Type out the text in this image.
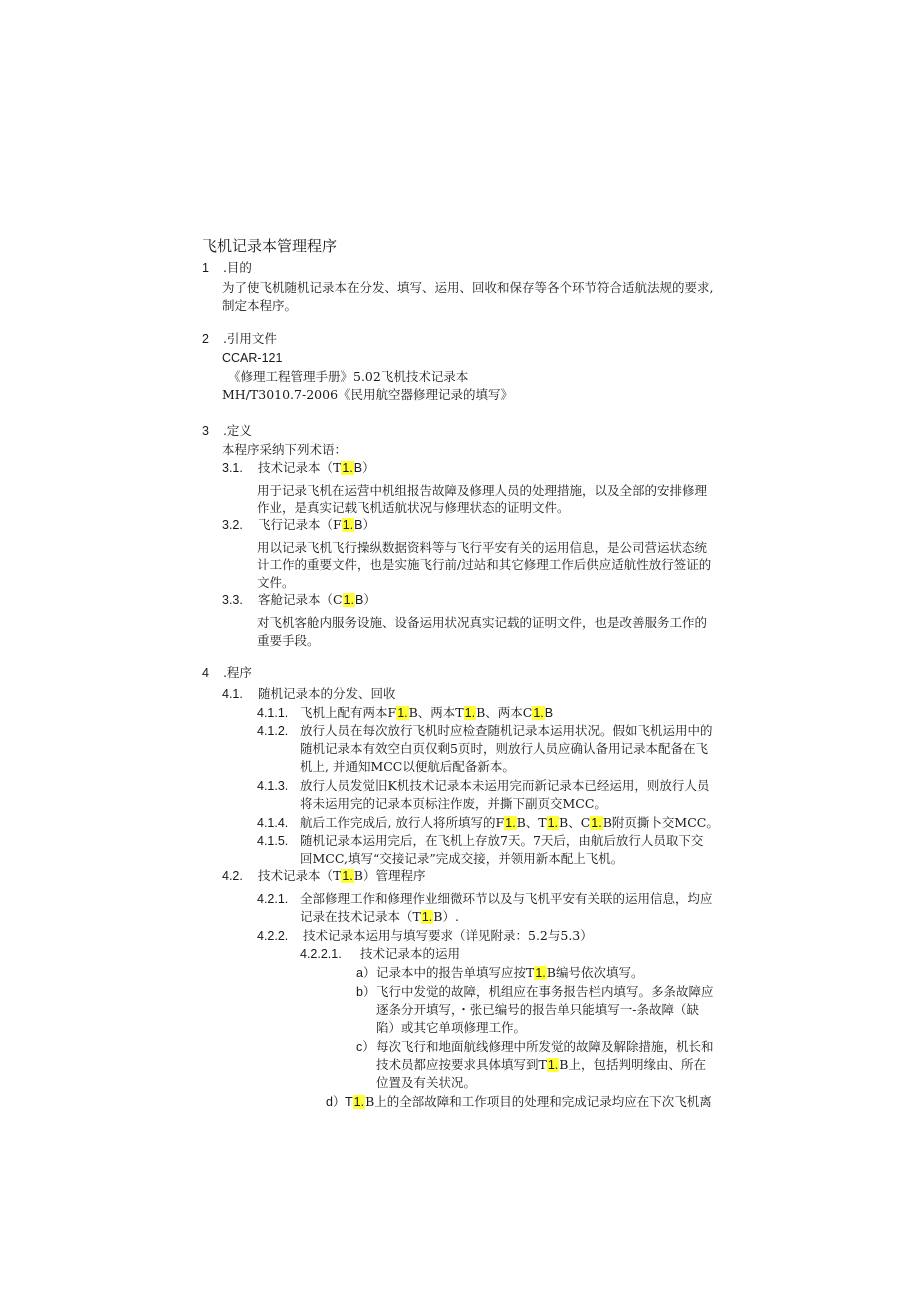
飞机记录本管理程序
1 .目的
为了使飞机随机记录本在分发、填写、运用、回收和保存等各个环节符合适航法规的要求,
制定本程序。
2 .引用文件
CCAR-121
《修理工程管理手册》5.02飞机技术记录本
MH/T3010.7-2006《民用航空器修理记录的填写》
3 .定义
本程序采纳下列术语：
3.1. 技术记录本（T1.B）
用于记录飞机在运营中机组报告故障及修理人员的处理措施，以及全部的安排修理
作业，是真实记载飞机适航状况与修理状态的证明文件。
3.2. 飞行记录本（F1.B）
用以记录飞机飞行操纵数据资料等与飞行平安有关的运用信息，是公司营运状态统
计工作的重要文件，也是实施飞行前/过站和其它修理工作后供应适航性放行签证的
文件。
3.3. 客舱记录本（C1.B）
对飞机客舱内服务设施、设备运用状况真实记载的证明文件，也是改善服务工作的
重要手段。
4 .程序
4.1. 随机记录本的分发、回收
4.1.1. 飞机上配有两本F1.B、两本T1.B、两本C1.B
4.1.2. 放行人员在每次放行飞机时应检查随机记录本运用状况。假如飞机运用中的
随机记录本有效空白页仅剩5页时，则放行人员应确认备用记录本配备在飞
机上, 并通知MCC以便航后配备新本。
4.1.3. 放行人员发觉旧K机技术记录本未运用完而新记录本已经运用，则放行人员
将未运用完的记录本页标注作废，并撕下副页交MCC。
4.1.4. 航后工作完成后, 放行人将所填写的F1.B、T1.B、C1.B附页撕卜交MCC。
4.1.5. 随机记录本运用完后，在飞机上存放7天。7天后，由航后放行人员取下交
回MCC,填写“交接记录”完成交接，并领用新本配上飞机。
4.2. 技术记录本（T1.B）管理程序
4.2.1. 全部修理工作和修理作业细微环节以及与飞机平安有关联的运用信息，均应
记录在技术记录本（T1.B）.
4.2.2. 技术记录本运用与填写要求（详见附录：5.2与5.3）
4.2.2.1. 技术记录本的运用
a）记录本中的报告单填写应按T1.B编号依次填写。
b）飞行中发觉的故障，机组应在事务报告栏内填写。多条故障应
逐条分开填写，・张已编号的报告单只能填写一-条故障（缺
陷）或其它单项修理工作。
c）每次飞行和地面航线修理中所发觉的故障及解除措施，机长和
技术员都应按要求具体填写到T1.B上，包括判明缘由、所在
位置及有关状况。
d）T1.B上的全部故障和工作项目的处理和完成记录均应在下次飞机离
